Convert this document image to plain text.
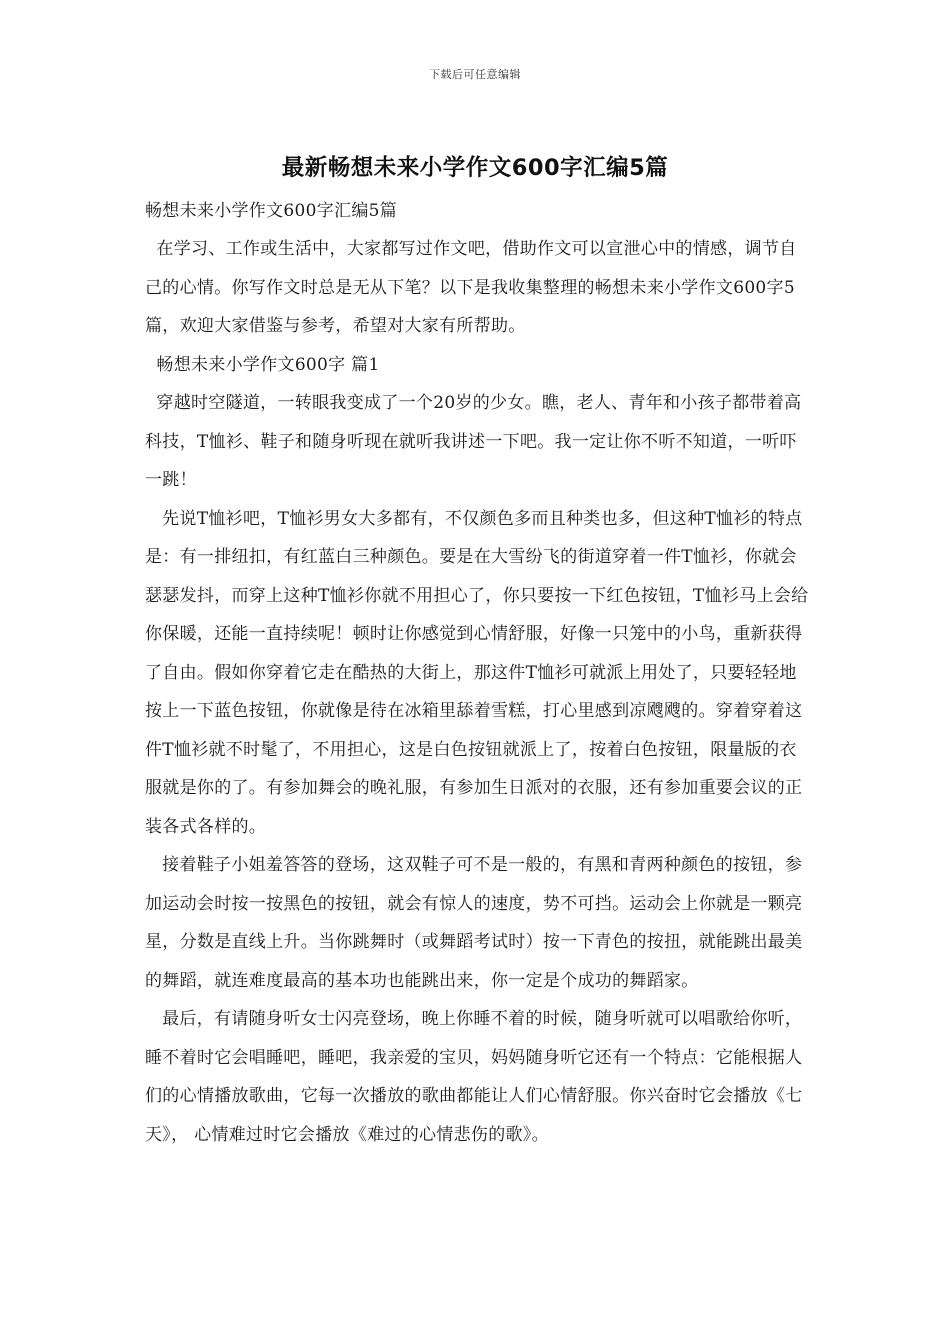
下载后可任意编辑
最新畅想未来小学作文600字汇编5篇

畅想未来小学作文600字汇编5篇

在学习、工作或生活中，大家都写过作文吧，借助作文可以宣泄心中的情感，调节自己的心情。你写作文时总是无从下笔？以下是我收集整理的畅想未来小学作文600字5篇，欢迎大家借鉴与参考，希望对大家有所帮助。

畅想未来小学作文600字 篇1

穿越时空隧道，一转眼我变成了一个20岁的少女。瞧，老人、青年和小孩子都带着高科技，T恤衫、鞋子和随身听现在就听我讲述一下吧。我一定让你不听不知道，一听吓一跳！

先说T恤衫吧，T恤衫男女大多都有，不仅颜色多而且种类也多，但这种T恤衫的特点是：有一排纽扣，有红蓝白三种颜色。要是在大雪纷飞的街道穿着一件T恤衫，你就会瑟瑟发抖，而穿上这种T恤衫你就不用担心了，你只要按一下红色按钮，T恤衫马上会给你保暖，还能一直持续呢！顿时让你感觉到心情舒服，好像一只笼中的小鸟，重新获得了自由。假如你穿着它走在酷热的大街上，那这件T恤衫可就派上用处了，只要轻轻地按上一下蓝色按钮，你就像是待在冰箱里舔着雪糕，打心里感到凉飕飕的。穿着穿着这件T恤衫就不时髦了，不用担心，这是白色按钮就派上了，按着白色按钮，限量版的衣服就是你的了。有参加舞会的晚礼服，有参加生日派对的衣服，还有参加重要会议的正装各式各样的。

接着鞋子小姐羞答答的登场，这双鞋子可不是一般的，有黑和青两种颜色的按钮，参加运动会时按一按黑色的按钮，就会有惊人的速度，势不可挡。运动会上你就是一颗亮星，分数是直线上升。当你跳舞时（或舞蹈考试时）按一下青色的按扭，就能跳出最美的舞蹈，就连难度最高的基本功也能跳出来，你一定是个成功的舞蹈家。

最后，有请随身听女士闪亮登场，晚上你睡不着的时候，随身听就可以唱歌给你听，睡不着时它会唱睡吧，睡吧，我亲爱的宝贝，妈妈随身听它还有一个特点：它能根据人们的心情播放歌曲，它每一次播放的歌曲都能让人们心情舒服。你兴奋时它会播放《七天》， 心情难过时它会播放《难过的心情悲伤的歌》。
